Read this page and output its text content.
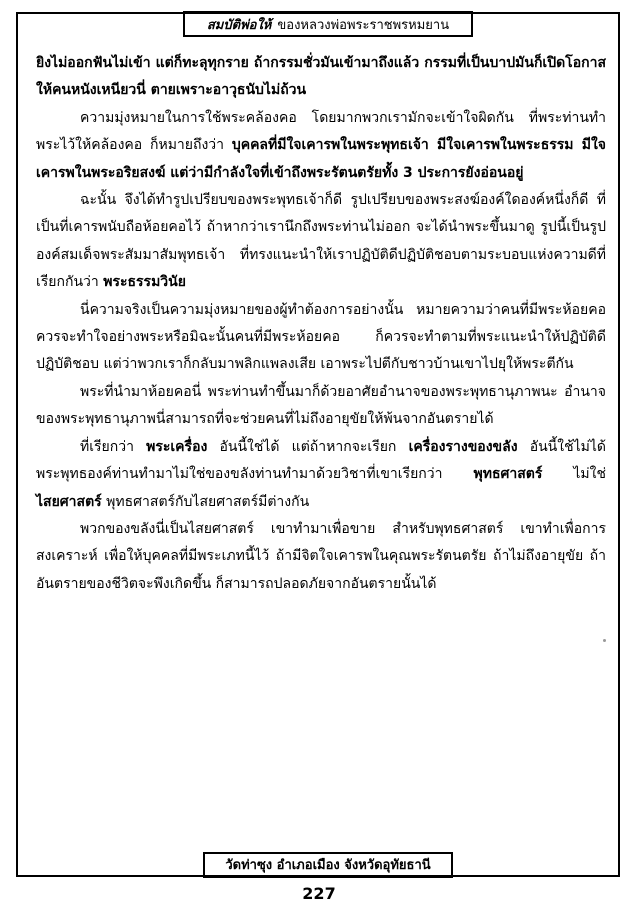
สมบัติพ่อให้ ของหลวงพ่อพระราชพรหมยาน

ยิงไม่ออกฟันไม่เข้า แต่ก็ทะลุทุกราย ถ้ากรรมชั่วมันเข้ามาถึงแล้ว กรรมที่เป็นบาปมันก็เปิดโอกาสให้คนหนังเหนียวนี่ ตายเพราะอาวุธนับไม่ถ้วน

ความมุ่งหมายในการใช้พระคล้องคอ โดยมากพวกเรามักจะเข้าใจผิดกัน ที่พระท่านทำพระไว้ให้คล้องคอ ก็หมายถึงว่า บุคคลที่มีใจเคารพในพระพุทธเจ้า มีใจเคารพในพระธรรม มีใจเคารพในพระอริยสงฆ์ แต่ว่ามีกำลังใจที่เข้าถึงพระรัตนตรัยทั้ง 3 ประการยังอ่อนอยู่

ฉะนั้น จึงได้ทำรูปเปรียบของพระพุทธเจ้าก็ดี รูปเปรียบของพระสงฆ์องค์ใดองค์หนึ่งก็ดี ที่เป็นที่เคารพนับถือห้อยคอไว้ ถ้าหากว่าเรานึกถึงพระท่านไม่ออก จะได้นำพระขึ้นมาดู รูปนี้เป็นรูปองค์สมเด็จพระสัมมาสัมพุทธเจ้า ที่ทรงแนะนำให้เราปฏิบัติดีปฏิบัติชอบตามระบอบแห่งความดีที่เรียกกันว่า พระธรรมวินัย

นี่ความจริงเป็นความมุ่งหมายของผู้ทำต้องการอย่างนั้น หมายความว่าคนที่มีพระห้อยคอ ควรจะทำใจอย่างพระหรือมิฉะนั้นคนที่มีพระห้อยคอ ก็ควรจะทำตามที่พระแนะนำให้ปฏิบัติดี ปฏิบัติชอบ แต่ว่าพวกเราก็กลับมาพลิกแพลงเสีย เอาพระไปตีกับชาวบ้านเขาไปยุให้พระตีกัน

พระที่นำมาห้อยคอนี่ พระท่านทำขึ้นมาก็ด้วยอาศัยอำนาจของพระพุทธานุภาพนะ อำนาจของพระพุทธานุภาพนี่สามารถที่จะช่วยคนที่ไม่ถึงอายุขัยให้พ้นจากอันตรายได้

ที่เรียกว่า พระเครื่อง อันนี้ใช่ได้ แต่ถ้าหากจะเรียก เครื่องรางของขลัง อันนี้ใช้ไม่ได้ พระพุทธองค์ท่านทำมาไม่ใช่ของขลังท่านทำมาด้วยวิชาที่เขาเรียกว่า พุทธศาสตร์ ไม่ใช่ ไสยศาสตร์ พุทธศาสตร์กับไสยศาสตร์มีต่างกัน

พวกของขลังนี่เป็นไสยศาสตร์ เขาทำมาเพื่อขาย สำหรับพุทธศาสตร์ เขาทำเพื่อการสงเคราะห์ เพื่อให้บุคคลที่มีพระเภทนี้ไว้ ถ้ามีจิตใจเคารพในคุณพระรัตนตรัย ถ้าไม่ถึงอายุขัย ถ้าอันตรายของชีวิตจะพึงเกิดขึ้น ก็สามารถปลอดภัยจากอันตรายนั้นได้

วัดท่าซุง อำเภอเมือง จังหวัดอุทัยธานี
227
